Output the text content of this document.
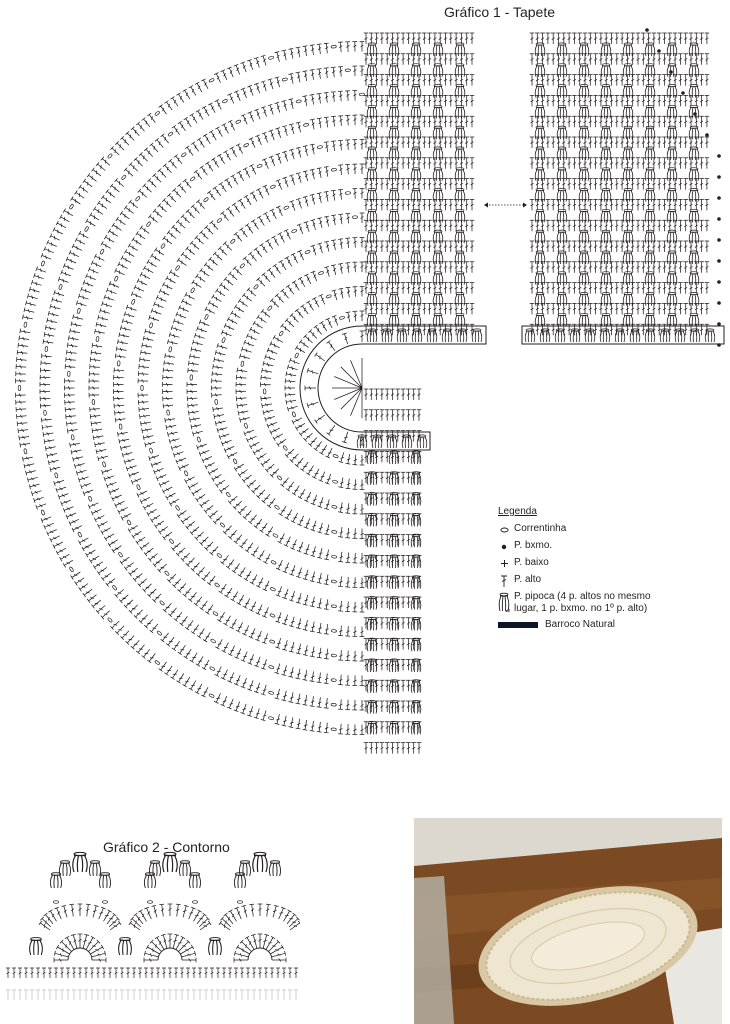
Gráfico 1 - Tapete
Legenda
Correntinha
P. bxmo.
P. baixo
P. alto
P. pipoca (4 p. altos no mesmo lugar, 1 p. bxmo. no 1º p. alto)
Barroco Natural
Gráfico 2 - Contorno
